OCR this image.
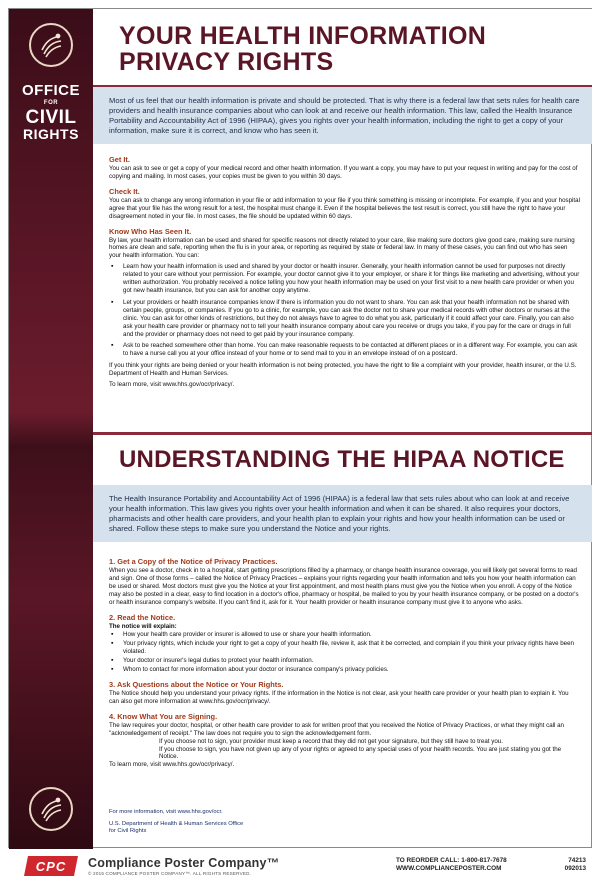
OFFICE
FOR
CIVIL
RIGHTS
YOUR HEALTH INFORMATION
PRIVACY RIGHTS
Most of us feel that our health information is private and should be protected. That is why there is a federal law that sets rules for health care providers and health insurance companies about who can look at and receive our health information. This law, called the Health Insurance Portability and Accountability Act of 1996 (HIPAA), gives you rights over your health information, including the right to get a copy of your information, make sure it is correct, and know who has seen it.
Get It.

You can ask to see or get a copy of your medical record and other health information. If you want a copy, you may have to put your request in writing and pay for the cost of copying and mailing. In most cases, your copies must be given to you within 30 days.

Check It.

You can ask to change any wrong information in your file or add information to your file if you think something is missing or incomplete. For example, if you and your hospital agree that your file has the wrong result for a test, the hospital must change it. Even if the hospital believes the test result is correct, you still have the right to have your disagreement noted in your file. In most cases, the file should be updated within 60 days.

Know Who Has Seen It.

By law, your health information can be used and shared for specific reasons not directly related to your care, like making sure doctors give good care, making sure nursing homes are clean and safe, reporting when the flu is in your area, or reporting as required by state or federal law. In many of these cases, you can find out who has seen your health information. You can:

▪ Learn how your health information is used and shared by your doctor or health insurer. Generally, your health information cannot be used for purposes not directly related to your care without your permission. For example, your doctor cannot give it to your employer, or share it for things like marketing and advertising, without your written authorization. You probably received a notice telling you how your health information may be used on your first visit to a new health care provider or when you got new health insurance, but you can ask for another copy anytime.
▪ Let your providers or health insurance companies know if there is information you do not want to share. You can ask that your health information not be shared with certain people, groups, or companies. If you go to a clinic, for example, you can ask the doctor not to share your medical records with other doctors or nurses at the clinic. You can ask for other kinds of restrictions, but they do not always have to agree to do what you ask, particularly if it could affect your care. Finally, you can also ask your health care provider or pharmacy not to tell your health insurance company about care you receive or drugs you take, if you pay for the care or drugs in full and the provider or pharmacy does not need to get paid by your insurance company.
▪ Ask to be reached somewhere other than home. You can make reasonable requests to be contacted at different places or in a different way. For example, you can ask to have a nurse call you at your office instead of your home or to send mail to you in an envelope instead of on a postcard.

If you think your rights are being denied or your health information is not being protected, you have the right to file a complaint with your provider, health insurer, or the U.S. Department of Health and Human Services.

To learn more, visit www.hhs.gov/ocr/privacy/.

UNDERSTANDING THE HIPAA NOTICE
The Health Insurance Portability and Accountability Act of 1996 (HIPAA) is a federal law that sets rules about who can look at and receive your health information. This law gives you rights over your health information and when it can be shared. It also requires your doctors, pharmacists and other health care providers, and your health plan to explain your rights and how your health information can be used or shared. Follow these steps to make sure you understand the Notice and your rights.
1. Get a Copy of the Notice of Privacy Practices.

When you see a doctor, check in to a hospital, start getting prescriptions filled by a pharmacy, or change health insurance coverage, you will likely get several forms to read and sign. One of those forms – called the Notice of Privacy Practices – explains your rights regarding your health information and tells you how your health information can be used or shared. Most doctors must give you the Notice at your first appointment, and most health plans must give you the Notice when you enroll. A copy of the Notice may also be posted in a clear, easy to find location in a doctor's office, pharmacy or hospital, be mailed to you by your health insurance company, or be posted on a doctor's or health insurance company's website. If you can't find it, ask for it. Your health provider or health insurance company must give it to anyone who asks.

2. Read the Notice.

The notice will explain:

▪ How your health care provider or insurer is allowed to use or share your health information.
▪ Your privacy rights, which include your right to get a copy of your health file, review it, ask that it be corrected, and complain if you think your privacy rights have been violated.
▪ Your doctor or insurer's legal duties to protect your health information.
▪ Whom to contact for more information about your doctor or insurance company's privacy policies.
3. Ask Questions about the Notice or Your Rights.

The Notice should help you understand your privacy rights. If the information in the Notice is not clear, ask your health care provider or your health plan to explain it. You can also get more information at www.hhs.gov/ocr/privacy/.

4. Know What You are Signing.

The law requires your doctor, hospital, or other health care provider to ask for written proof that you received the Notice of Privacy Practices, or what they might call an "acknowledgement of receipt." The law does not require you to sign the acknowledgement form.

If you choose not to sign, your provider must keep a record that they did not get your signature, but they still have to treat you.

If you choose to sign, you have not given up any of your rights or agreed to any special uses of your health records. You are just stating you got the Notice.

To learn more, visit www.hhs.gov/ocr/privacy/.

For more information, visit www.hhs.gov/ocr.

U.S. Department of Health & Human Services Office

for Civil Rights

CPC Compliance Poster Company™
© 2015 COMPLIANCE POSTER COMPANY™. ALL RIGHTS RESERVED.
TO REORDER CALL: 1-800-817-7678
WWW.COMPLIANCEPOSTER.COM
74213
092013
